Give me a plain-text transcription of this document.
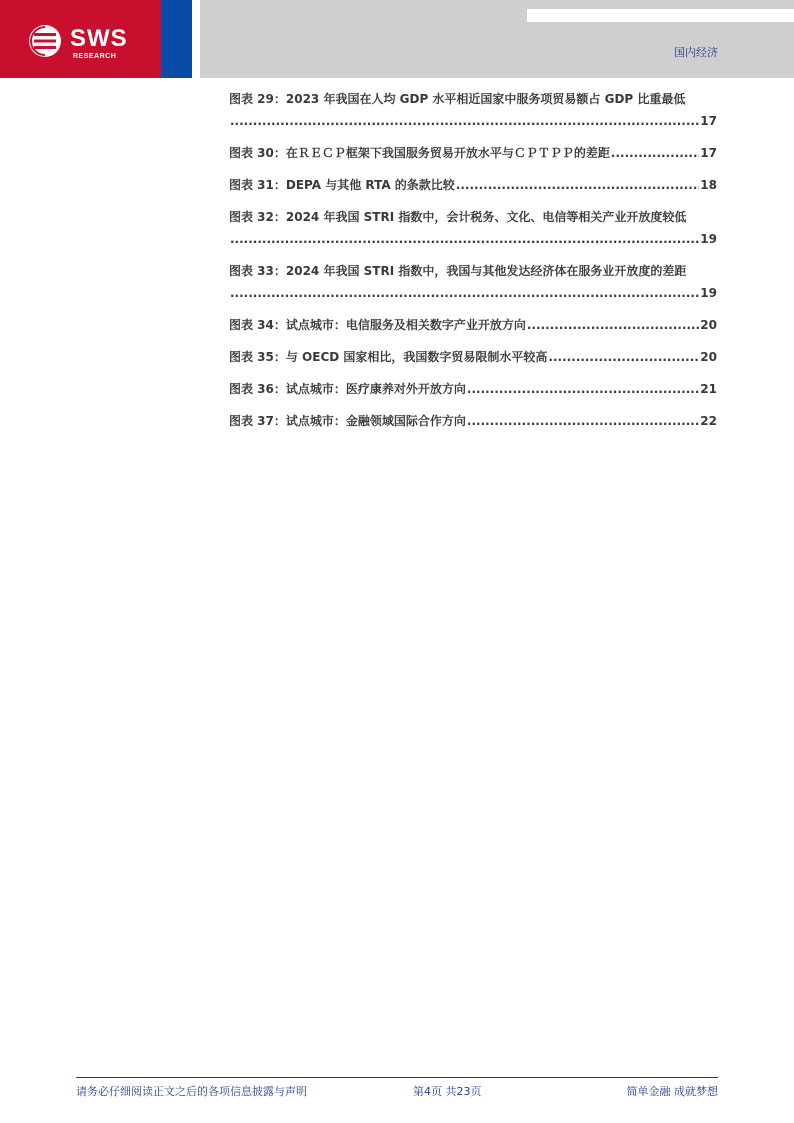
SWS
RESEARCH	国内经济
图表 29：2023 年我国在人均 GDP 水平相近国家中服务项贸易额占 GDP 比重最低
.....
17
图表 30：在ＲＥＣＰ框架下我国服务贸易开放水平与ＣＰＴＰＰ的差距 .....	17
图表 31：DEPA 与其他 RTA 的条款比较 .....	18
图表 32：2024 年我国 STRI 指数中，会计税务、文化、电信等相关产业开放度较低
.....
19
图表 33：2024 年我国 STRI 指数中，我国与其他发达经济体在服务业开放度的差距
.....
19
图表 34：试点城市：电信服务及相关数字产业开放方向 .....	20
图表 35：与 OECD 国家相比，我国数字贸易限制水平较高 .....	20
图表 36：试点城市：医疗康养对外开放方向 .....	21
图表 37：试点城市：金融领域国际合作方向 .....	22
请务必仔细阅读正文之后的各项信息披露与声明	第4页 共23页	简单金融 成就梦想
